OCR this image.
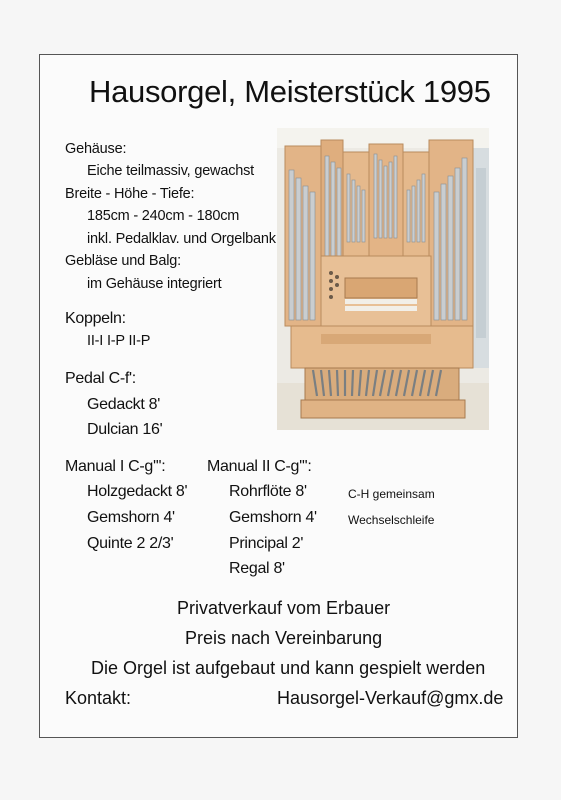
Hausorgel, Meisterstück 1995
Gehäuse:
Eiche teilmassiv, gewachst
Breite - Höhe - Tiefe:
185cm - 240cm - 180cm
inkl. Pedalklav. und Orgelbank
Gebläse und Balg:
im Gehäuse integriert
Koppeln:
II-I I-P II-P
Pedal C-f':
Gedackt 8'
Dulcian 16'
Manual I C-g''':
Holzgedackt 8'
Gemshorn 4'
Quinte 2 2/3'
Manual II C-g''':
Rohrflöte 8'
Gemshorn 4'
Principal 2'
Regal 8'
C-H gemeinsam
Wechselschleife
Privatverkauf vom Erbauer
Preis nach Vereinbarung
Die Orgel ist aufgebaut und kann gespielt werden
Kontakt:	Hausorgel-Verkauf@gmx.de
